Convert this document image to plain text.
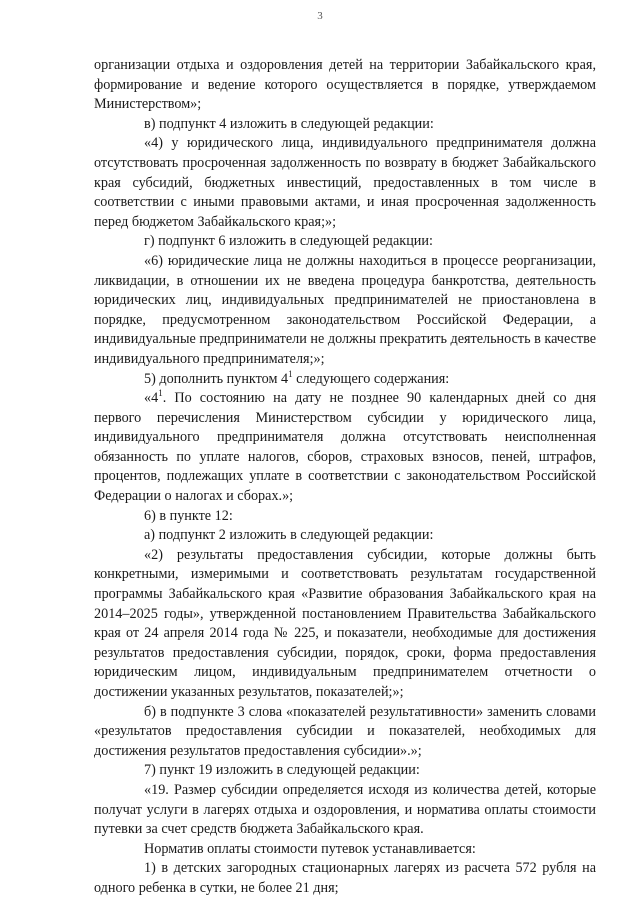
3

организации отдыха и оздоровления детей на территории Забайкальского края, формирование и ведение которого осуществляется в порядке, утверждаемом Министерством»;

в) подпункт 4 изложить в следующей редакции:

«4) у юридического лица, индивидуального предпринимателя должна отсутствовать просроченная задолженность по возврату в бюджет Забайкальского края субсидий, бюджетных инвестиций, предоставленных в том числе в соответствии с иными правовыми актами, и иная просроченная задолженность перед бюджетом Забайкальского края;»;

г) подпункт 6 изложить в следующей редакции:

«6) юридические лица не должны находиться в процессе реорганизации, ликвидации, в отношении их не введена процедура банкротства, деятельность юридических лиц, индивидуальных предпринимателей не приостановлена в порядке, предусмотренном законодательством Российской Федерации, а индивидуальные предприниматели не должны прекратить деятельность в качестве индивидуального предпринимателя;»;

5) дополнить пунктом $4^1$ следующего содержания:

«$4^1$. По состоянию на дату не позднее 90 календарных дней со дня первого перечисления Министерством субсидии у юридического лица, индивидуального предпринимателя должна отсутствовать неисполненная обязанность по уплате налогов, сборов, страховых взносов, пеней, штрафов, процентов, подлежащих уплате в соответствии с законодательством Российской Федерации о налогах и сборах.»;

6) в пункте 12:

а) подпункт 2 изложить в следующей редакции:

«2) результаты предоставления субсидии, которые должны быть конкретными, измеримыми и соответствовать результатам государственной программы Забайкальского края «Развитие образования Забайкальского края на 2014–2025 годы», утвержденной постановлением Правительства Забайкальского края от 24 апреля 2014 года № 225, и показатели, необходимые для достижения результатов предоставления субсидии, порядок, сроки, форма предоставления юридическим лицом, индивидуальным предпринимателем отчетности о достижении указанных результатов, показателей;»;

б) в подпункте 3 слова «показателей результативности» заменить словами «результатов предоставления субсидии и показателей, необходимых для достижения результатов предоставления субсидии».»;

7) пункт 19 изложить в следующей редакции:

«19. Размер субсидии определяется исходя из количества детей, которые получат услуги в лагерях отдыха и оздоровления, и норматива оплаты стоимости путевки за счет средств бюджета Забайкальского края.

Норматив оплаты стоимости путевок устанавливается:

1) в детских загородных стационарных лагерях из расчета 572 рубля на одного ребенка в сутки, не более 21 дня;
